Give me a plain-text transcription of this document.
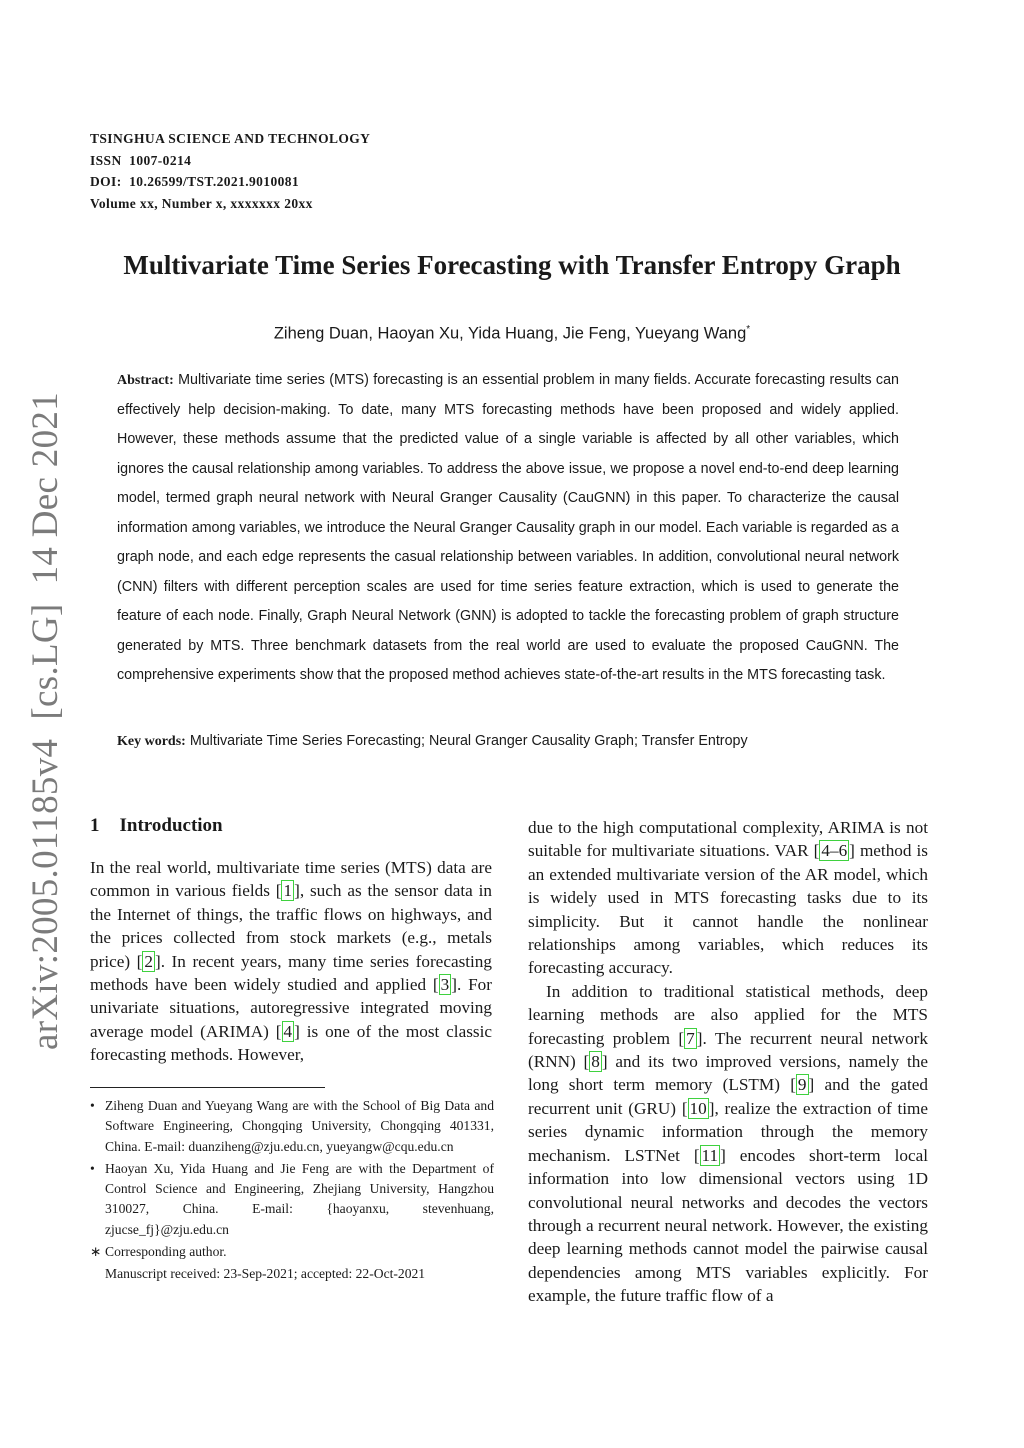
TSINGHUA SCIENCE AND TECHNOLOGY
ISSN  1007-0214
DOI:  10.26599/TST.2021.9010081
Volume xx, Number x, xxxxxxx 20xx
Multivariate Time Series Forecasting with Transfer Entropy Graph
Ziheng Duan, Haoyan Xu, Yida Huang, Jie Feng, Yueyang Wang*
Abstract: Multivariate time series (MTS) forecasting is an essential problem in many fields. Accurate forecasting results can effectively help decision-making. To date, many MTS forecasting methods have been proposed and widely applied. However, these methods assume that the predicted value of a single variable is affected by all other variables, which ignores the causal relationship among variables. To address the above issue, we propose a novel end-to-end deep learning model, termed graph neural network with Neural Granger Causality (CauGNN) in this paper. To characterize the causal information among variables, we introduce the Neural Granger Causality graph in our model. Each variable is regarded as a graph node, and each edge represents the casual relationship between variables. In addition, convolutional neural network (CNN) filters with different perception scales are used for time series feature extraction, which is used to generate the feature of each node. Finally, Graph Neural Network (GNN) is adopted to tackle the forecasting problem of graph structure generated by MTS. Three benchmark datasets from the real world are used to evaluate the proposed CauGNN. The comprehensive experiments show that the proposed method achieves state-of-the-art results in the MTS forecasting task.
Key words: Multivariate Time Series Forecasting; Neural Granger Causality Graph; Transfer Entropy
arXiv:2005.01185v4  [cs.LG]  14 Dec 2021 1 Introduction

In the real world, multivariate time series (MTS) data are common in various fields [ 1 ], such as the sensor data in the Internet of things, the traffic flows on highways, and the prices collected from stock markets (e.g., metals price) [ 2 ]. In recent years, many time series forecasting methods have been widely studied and applied [ 3 ]. For univariate situations, autoregressive integrated moving average model (ARIMA) [ 4 ] is one of the most classic forecasting methods. However,

• Ziheng Duan and Yueyang Wang are with the School of Big Data and Software Engineering, Chongqing University, Chongqing 401331, China. E-mail: duanziheng@zju.edu.cn, yueyangw@cqu.edu.cn
• Haoyan Xu, Yida Huang and Jie Feng are with the Department of Control Science and Engineering, Zhejiang University, Hangzhou 310027, China. E-mail: {haoyanxu, stevenhuang, zjucse_fj}@zju.edu.cn
∗ Corresponding author.
Manuscript received: 23-Sep-2021; accepted: 22-Oct-2021

due to the high computational complexity, ARIMA is not suitable for multivariate situations. VAR [ 4–6 ] method is an extended multivariate version of the AR model, which is widely used in MTS forecasting tasks due to its simplicity. But it cannot handle the nonlinear relationships among variables, which reduces its forecasting accuracy.

In addition to traditional statistical methods, deep learning methods are also applied for the MTS forecasting problem [ 7 ]. The recurrent neural network (RNN) [ 8 ] and its two improved versions, namely the long short term memory (LSTM) [ 9 ] and the gated recurrent unit (GRU) [ 10 ], realize the extraction of time series dynamic information through the memory mechanism. LSTNet [ 11 ] encodes short-term local information into low dimensional vectors using 1D convolutional neural networks and decodes the vectors through a recurrent neural network. However, the existing deep learning methods cannot model the pairwise causal dependencies among MTS variables explicitly. For example, the future traffic flow of a
